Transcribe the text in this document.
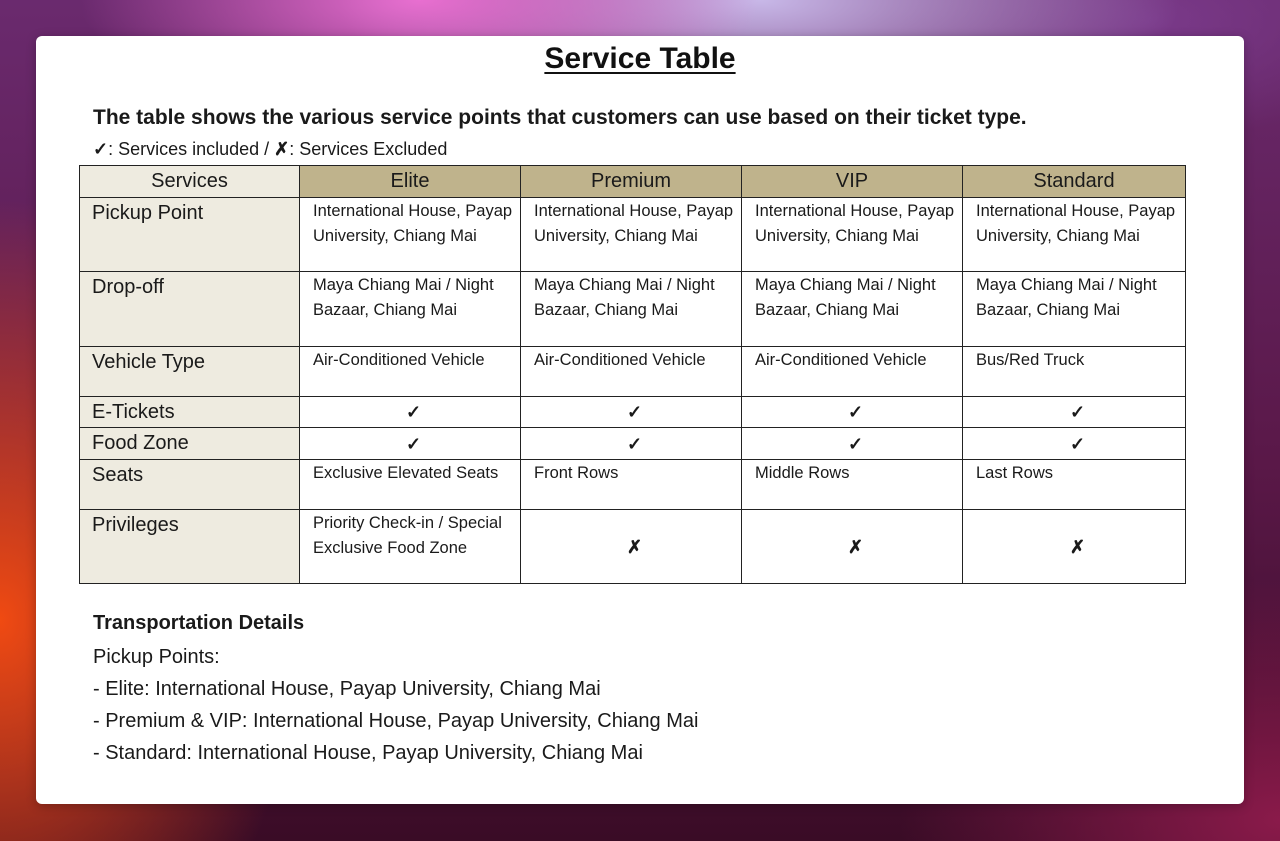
Service Table
The table shows the various service points that customers can use based on their ticket type.
✓: Services included / ✗: Services Excluded
Services	Elite	Premium	VIP	Standard
Pickup Point	International House, Payap University, Chiang Mai	International House, Payap University, Chiang Mai	International House, Payap University, Chiang Mai	International House, Payap University, Chiang Mai
Drop-off	Maya Chiang Mai / Night Bazaar, Chiang Mai	Maya Chiang Mai / Night Bazaar, Chiang Mai	Maya Chiang Mai / Night Bazaar, Chiang Mai	Maya Chiang Mai / Night Bazaar, Chiang Mai
Vehicle Type	Air-Conditioned Vehicle	Air-Conditioned Vehicle	Air-Conditioned Vehicle	Bus/Red Truck
E-Tickets	✓	✓	✓	✓
Food Zone	✓	✓	✓	✓
Seats	Exclusive Elevated Seats	Front Rows	Middle Rows	Last Rows
Privileges	Priority Check-in / Special Exclusive Food Zone	✗	✗	✗
Transportation Details
Pickup Points:
- Elite: International House, Payap University, Chiang Mai
- Premium & VIP: International House, Payap University, Chiang Mai
- Standard: International House, Payap University, Chiang Mai
